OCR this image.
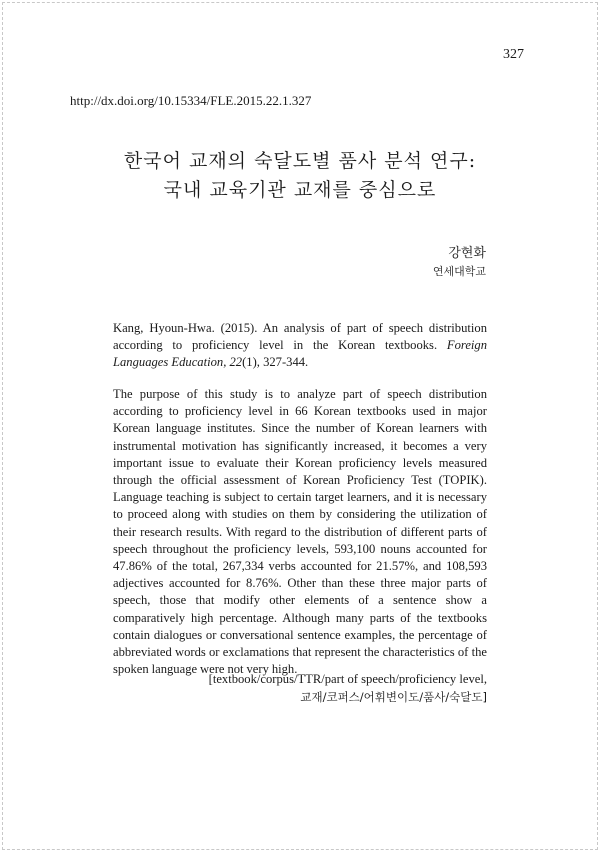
327
http://dx.doi.org/10.15334/FLE.2015.22.1.327
한국어 교재의 숙달도별 품사 분석 연구:
국내 교육기관 교재를 중심으로
강현화
연세대학교
Kang, Hyoun-Hwa. (2015). An analysis of part of speech distribution according to proficiency level in the Korean textbooks. Foreign Languages Education, 22(1), 327-344.
The purpose of this study is to analyze part of speech distribution according to proficiency level in 66 Korean textbooks used in major Korean language institutes. Since the number of Korean learners with instrumental motivation has significantly increased, it becomes a very important issue to evaluate their Korean proficiency levels measured through the official assessment of Korean Proficiency Test (TOPIK). Language teaching is subject to certain target learners, and it is necessary to proceed along with studies on them by considering the utilization of their research results. With regard to the distribution of different parts of speech throughout the proficiency levels, 593,100 nouns accounted for 47.86% of the total, 267,334 verbs accounted for 21.57%, and 108,593 adjectives accounted for 8.76%. Other than these three major parts of speech, those that modify other elements of a sentence show a comparatively high percentage. Although many parts of the textbooks contain dialogues or conversational sentence examples, the percentage of abbreviated words or exclamations that represent the characteristics of the spoken language were not very high.
[textbook/corpus/TTR/part of speech/proficiency level,
교재/코퍼스/어휘변이도/품사/숙달도]
